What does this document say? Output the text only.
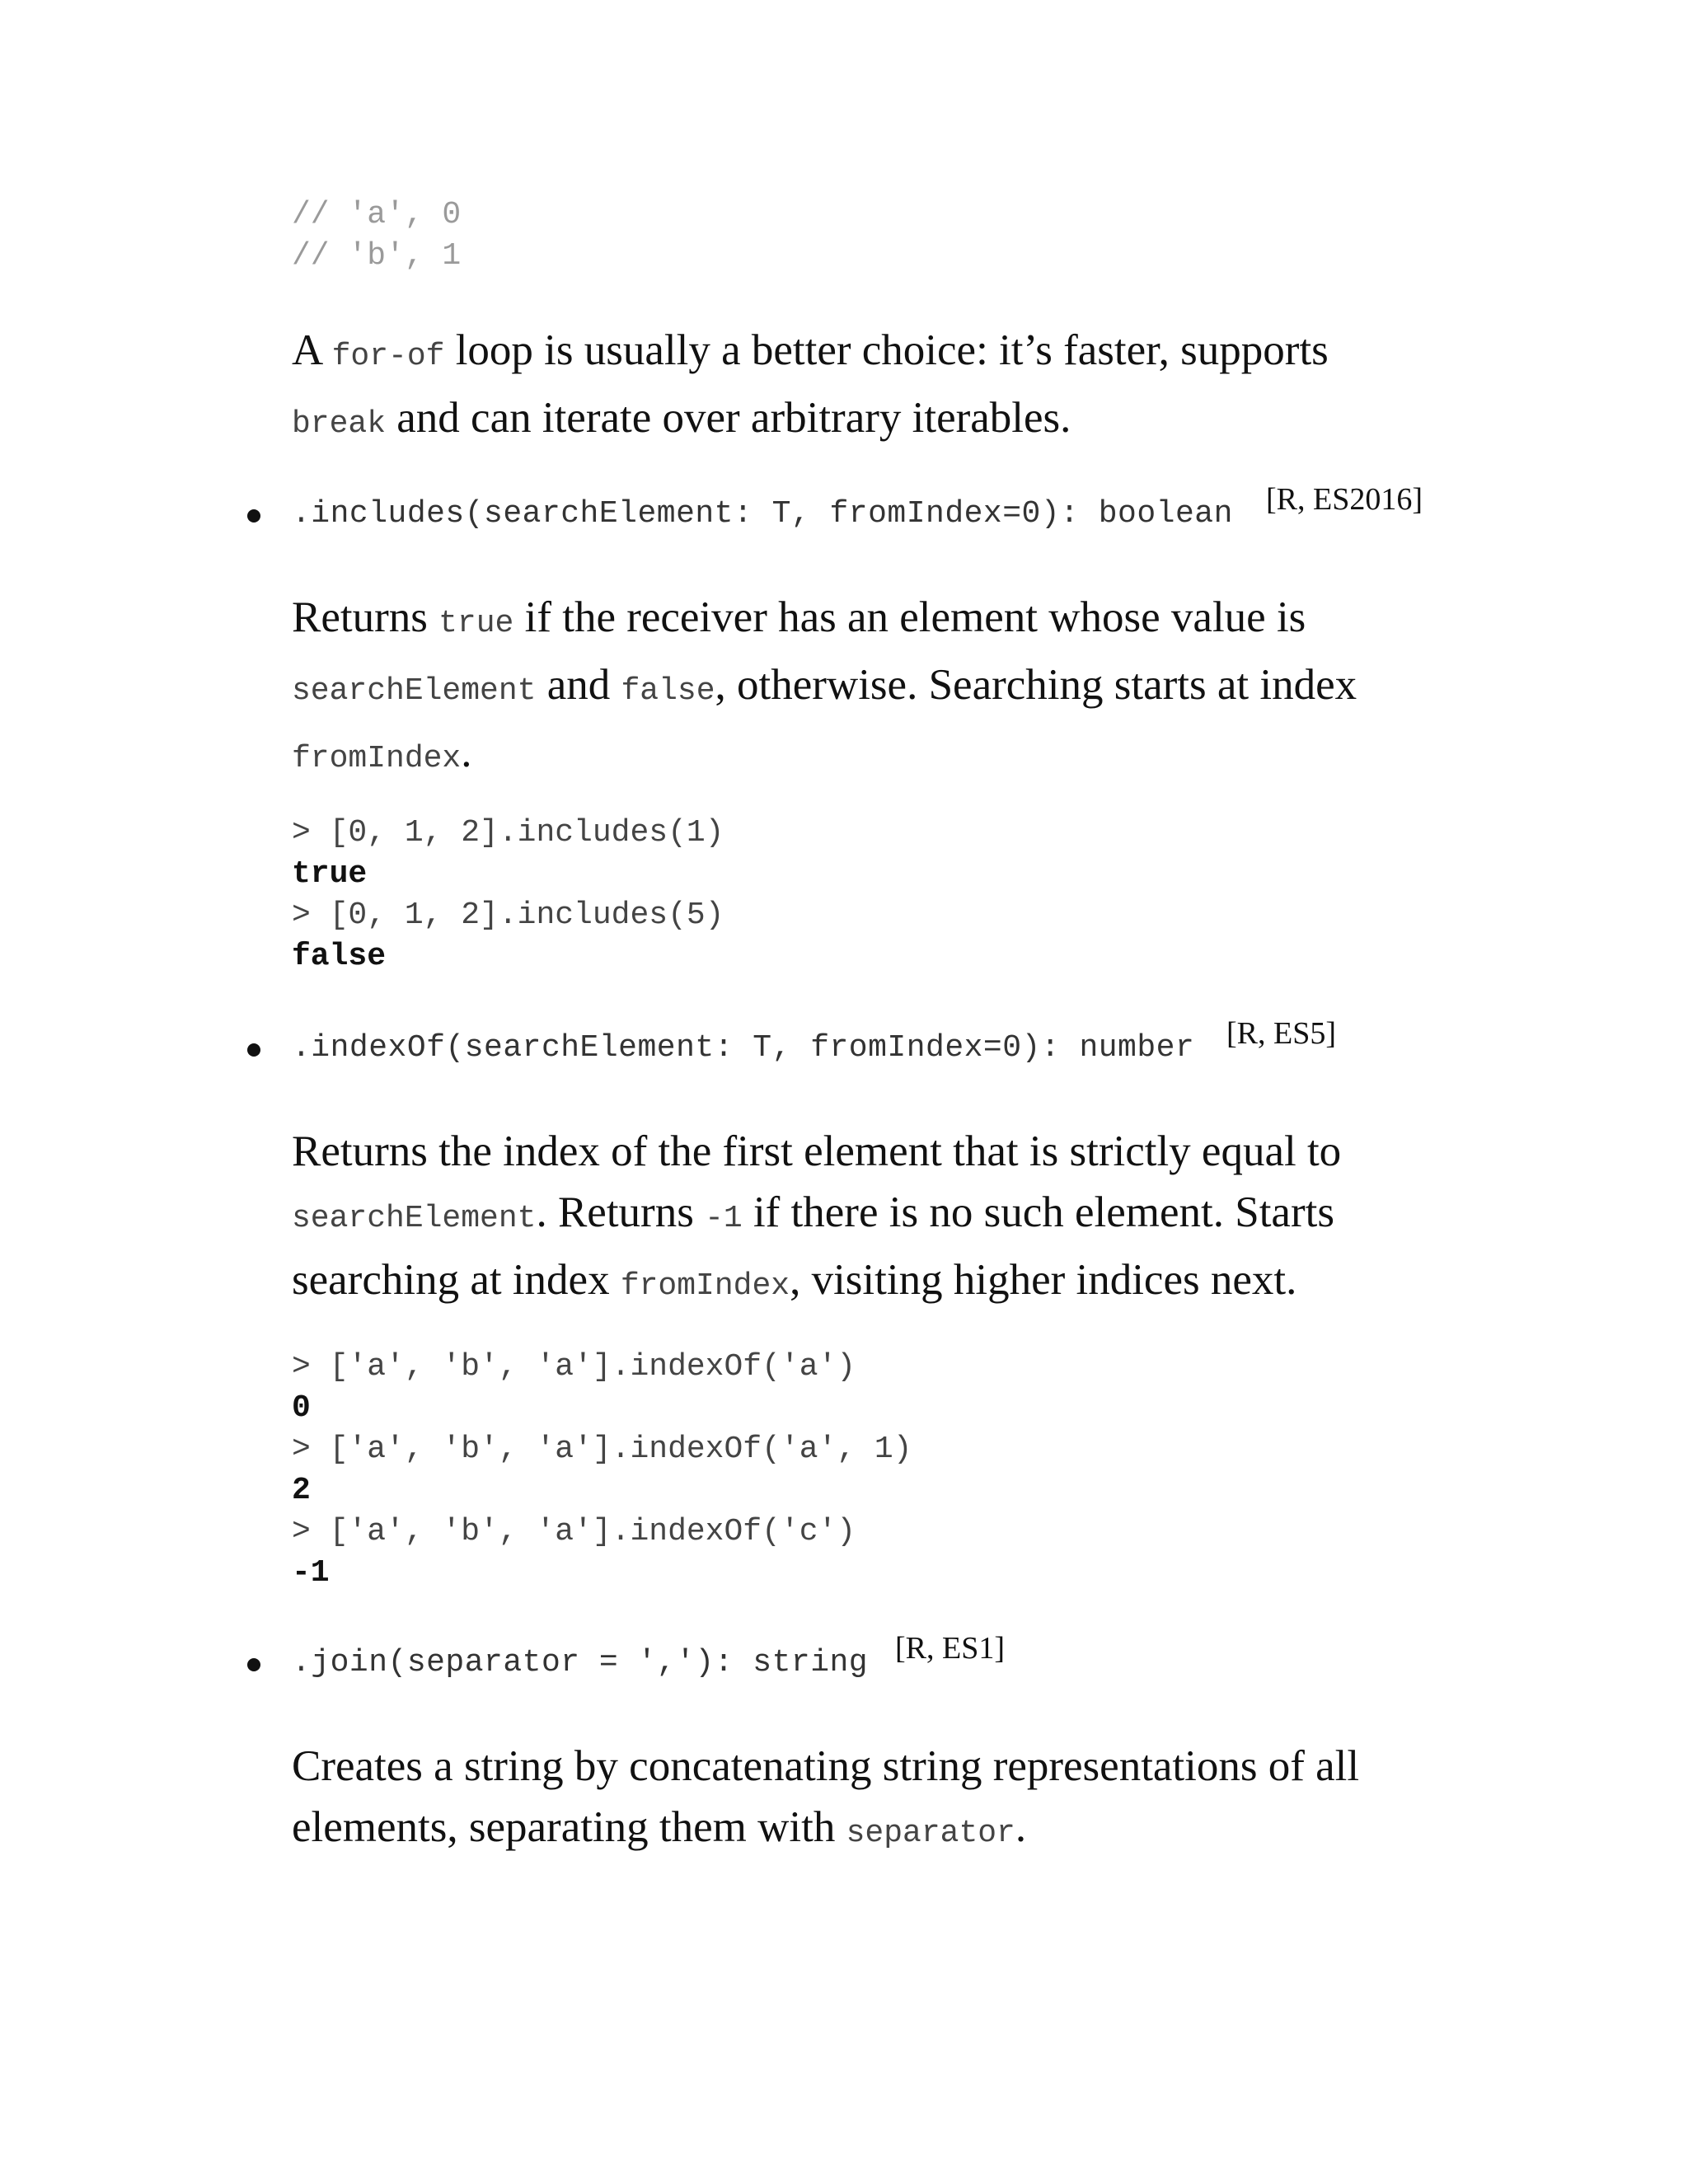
// 'a', 0
// 'b', 1

A for-of loop is usually a better choice: it’s faster, supports
break and can iterate over arbitrary iterables.

.includes(searchElement: T, fromIndex=0): boolean

[R, ES2016]

Returns true if the receiver has an element whose value is
searchElement and false, otherwise. Searching starts at index
fromIndex.

> [0, 1, 2].includes(1)
true
> [0, 1, 2].includes(5)
false

.indexOf(searchElement: T, fromIndex=0): number

[R, ES5]

Returns the index of the first element that is strictly equal to
searchElement. Returns -1 if there is no such element. Starts
searching at index fromIndex, visiting higher indices next.

> ['a', 'b', 'a'].indexOf('a')
0
> ['a', 'b', 'a'].indexOf('a', 1)
2
> ['a', 'b', 'a'].indexOf('c')
-1

.join(separator = ','): string

[R, ES1]

Creates a string by concatenating string representations of all
elements, separating them with separator.
